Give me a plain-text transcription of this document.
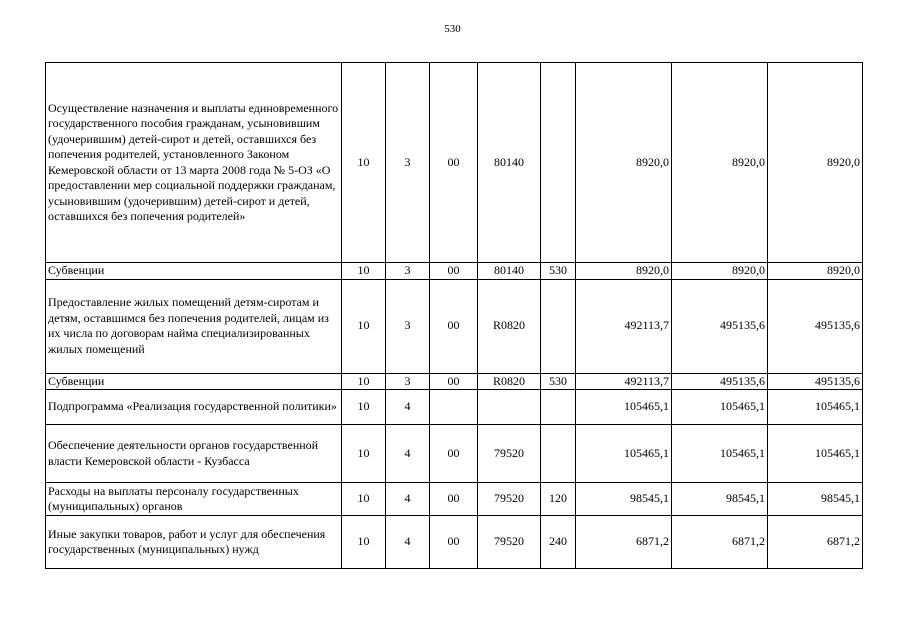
530
Осуществление назначения и выплаты единовременного государственного пособия гражданам, усыновившим (удочерившим) детей-сирот и детей, оставшихся без попечения родителей, установленного Законом Кемеровской области от 13 марта 2008 года № 5-ОЗ «О предоставлении мер социальной поддержки гражданам, усыновившим (удочерившим) детей-сирот и детей, оставшихся без попечения родителей»	10	3	00	80140		8920,0	8920,0	8920,0
Субвенции	10	3	00	80140	530	8920,0	8920,0	8920,0
Предоставление жилых помещений детям-сиротам и детям, оставшимся без попечения родителей, лицам из их числа по договорам найма специализированных жилых помещений	10	3	00	R0820		492113,7	495135,6	495135,6
Субвенции	10	3	00	R0820	530	492113,7	495135,6	495135,6
Подпрограмма «Реализация государственной политики»	10	4				105465,1	105465,1	105465,1
Обеспечение деятельности органов государственной власти Кемеровской области - Кузбасса	10	4	00	79520		105465,1	105465,1	105465,1
Расходы на выплаты персоналу государственных (муниципальных) органов	10	4	00	79520	120	98545,1	98545,1	98545,1
Иные закупки товаров, работ и услуг для обеспечения государственных (муниципальных) нужд	10	4	00	79520	240	6871,2	6871,2	6871,2
